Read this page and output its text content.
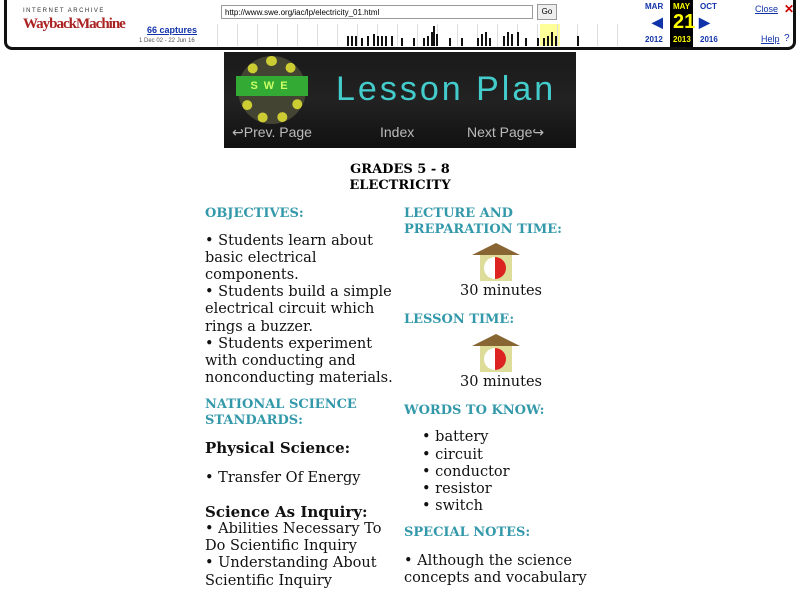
INTERNET ARCHIVE
WaybackMachine 66 captures
1 Dec 02 - 22 Jun 16
http://www.swe.org/iac/lp/electricity_01.html
Go
MAR MAY OCT
◀ 21 ▶
2012 2013 2016
Close ✕
Help ?
SWE	Lesson Plan
↩Prev. Page	Index	Next Page↪
GRADES 5 - 8
ELECTRICITY
OBJECTIVES:
• Students learn about basic electrical components.
• Students build a simple electrical circuit which rings a buzzer.
• Students experiment with conducting and nonconducting materials.
NATIONAL SCIENCE STANDARDS:
Physical Science:
• Transfer Of Energy
Science As Inquiry:
• Abilities Necessary To Do Scientific Inquiry
• Understanding About Scientific Inquiry
LECTURE AND PREPARATION TIME:
30 minutes
LESSON TIME:
30 minutes
WORDS TO KNOW:
• battery
• circuit
• conductor
• resistor
• switch
SPECIAL NOTES:
• Although the science concepts and vocabulary
